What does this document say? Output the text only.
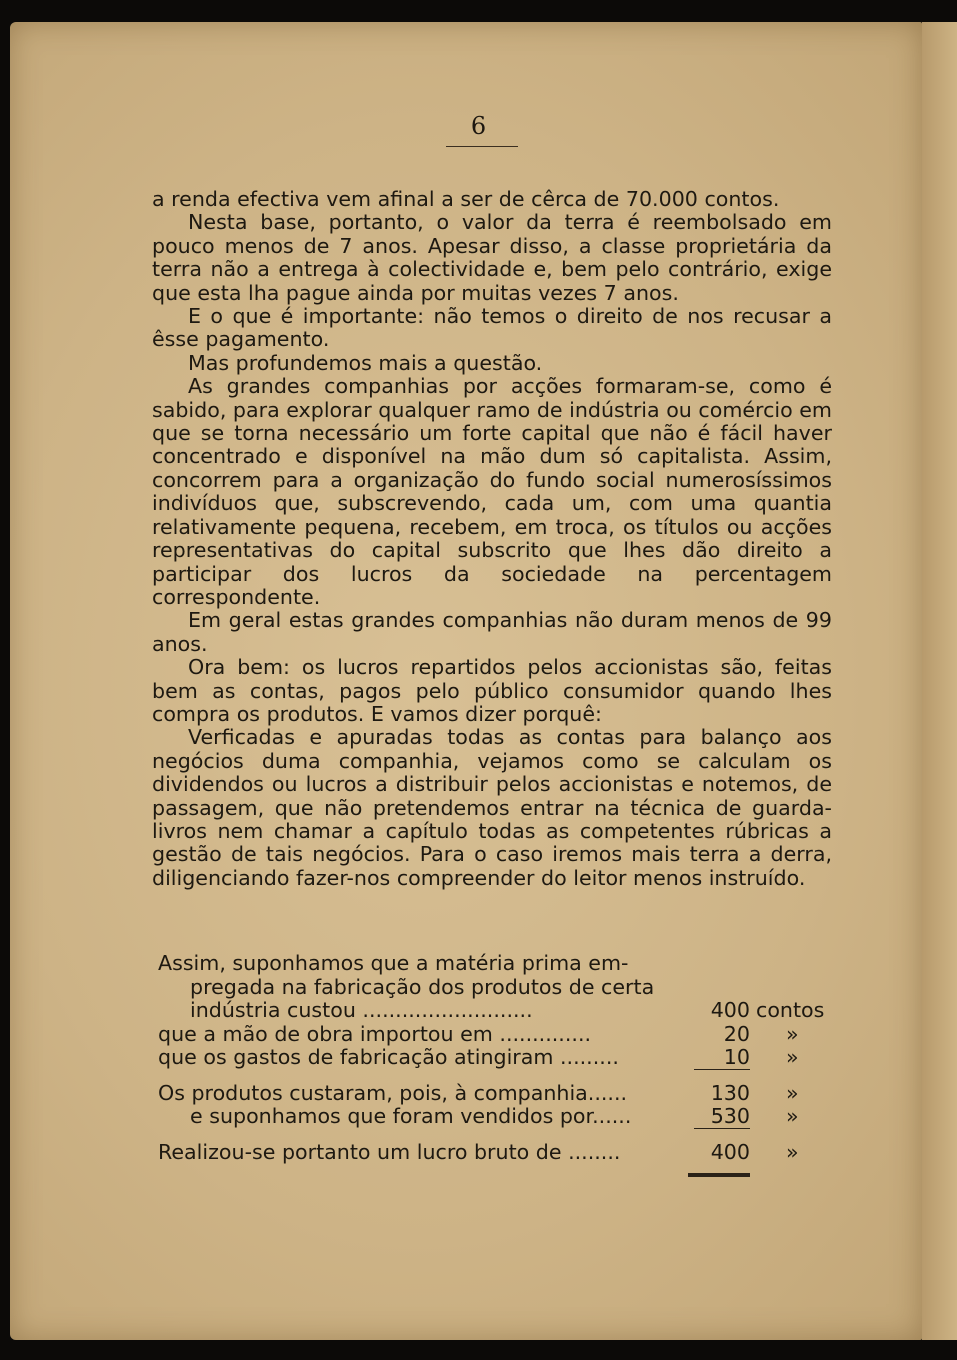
6

a renda efectiva vem afinal a ser de cêrca de 70.000 contos.

Nesta base, portanto, o valor da terra é reembolsado em pouco menos de 7 anos. Apesar disso, a classe proprietária da terra não a entrega à colectividade e, bem pelo contrário, exige que esta lha pague ainda por muitas vezes 7 anos.

E o que é importante: não temos o direito de nos recusar a êsse pagamento.

Mas profundemos mais a questão.

As grandes companhias por acções formaram-se, como é sabido, para explorar qualquer ramo de indústria ou comércio em que se torna necessário um forte capital que não é fácil haver concentrado e disponível na mão dum só capitalista. Assim, concorrem para a organização do fundo social numerosíssimos indivíduos que, subscrevendo, cada um, com uma quantia relativamente pequena, recebem, em troca, os títulos ou acções representativas do capital subscrito que lhes dão direito a participar dos lucros da sociedade na percentagem correspondente.

Em geral estas grandes companhias não duram menos de 99 anos.

Ora bem: os lucros repartidos pelos accionistas são, feitas bem as contas, pagos pelo público consumidor quando lhes compra os produtos. E vamos dizer porquê:

Verficadas e apuradas todas as contas para balanço aos negócios duma companhia, vejamos como se calculam os dividendos ou lucros a distribuir pelos accionistas e notemos, de passagem, que não pretendemos entrar na técnica de guarda-livros nem chamar a capítulo todas as competentes rúbricas a gestão de tais negócios. Para o caso iremos mais terra a derra, diligenciando fazer-nos compreender do leitor menos instruído.

Assim, suponhamos que a matéria prima em-
pregada na fabricação dos produtos de certa
indústria custou ..........................	400 contos
que a mão de obra importou em ..............	20 »
que os gastos de fabricação atingiram .........	10 »
Os produtos custaram, pois, à companhia......	130 »
e suponhamos que foram vendidos por......	530 »
Realizou-se portanto um lucro bruto de ........	400 »
